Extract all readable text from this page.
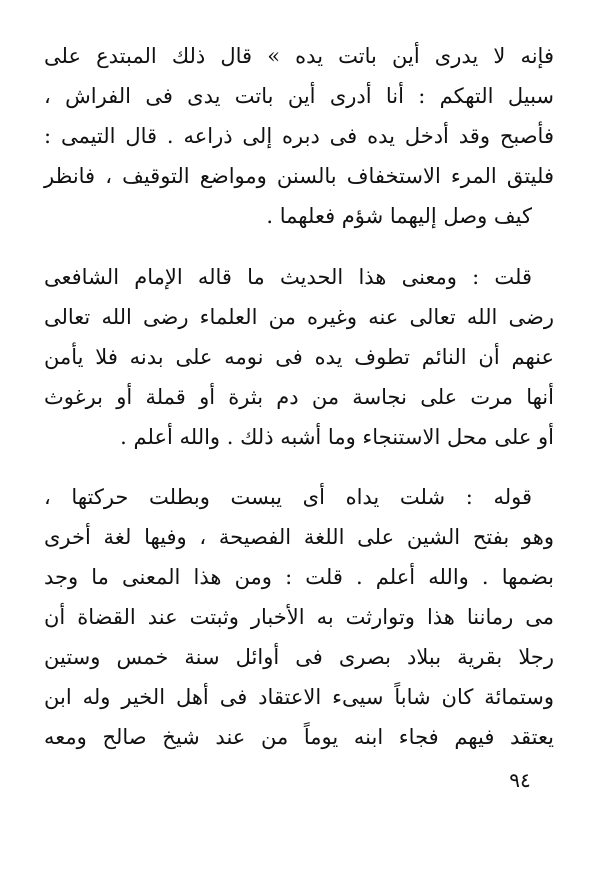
فإنه لا يدرى أين باتت يده » قال ذلك المبتدع على
سبيل التهكم : أنا أدرى أين باتت يدى فى الفراش ،
فأصبح وقد أدخل يده فى دبره إلى ذراعه . قال التيمى :
فليتق المرء الاستخفاف بالسنن ومواضع التوقيف ، فانظر
كيف وصل إليهما شؤم فعلهما .
قلت : ومعنى هذا الحديث ما قاله الإمام الشافعى
رضى الله تعالى عنه وغيره من العلماء رضى الله تعالى
عنهم أن النائم تطوف يده فى نومه على بدنه فلا يأمن
أنها مرت على نجاسة من دم بثرة أو قملة أو برغوث
أو على محل الاستنجاء وما أشبه ذلك . والله أعلم .
قوله : شلت يداه أى يبست وبطلت حركتها ،
وهو بفتح الشين على اللغة الفصيحة ، وفيها لغة أخرى
بضمها . والله أعلم . قلت : ومن هذا المعنى ما وجد
مى رماننا هذا وتوارثت به الأخبار وثبتت عند القضاة أن
رجلا بقرية ببلاد بصرى فى أوائل سنة خمس وستين
وستمائة كان شاباً سيىء الاعتقاد فى أهل الخير وله ابن
يعتقد فيهم فجاء ابنه يوماً من عند شيخ صالح ومعه
٩٤
